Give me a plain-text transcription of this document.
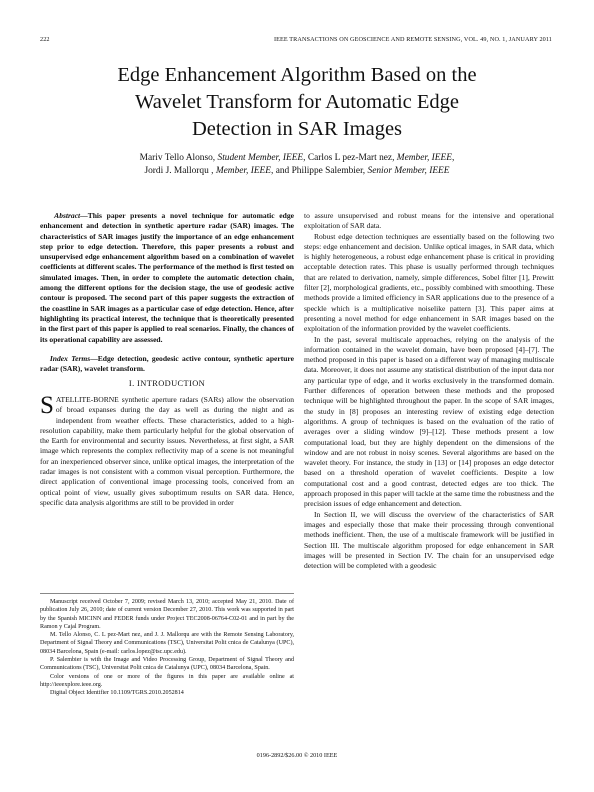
222	IEEE TRANSACTIONS ON GEOSCIENCE AND REMOTE SENSING, VOL. 49, NO. 1, JANUARY 2011
Edge Enhancement Algorithm Based on the
Wavelet Transform for Automatic Edge
Detection in SAR Images
Mariv Tello Alonso, Student Member, IEEE, Carlos L pez-Mart nez, Member, IEEE,
Jordi J. Mallorqu , Member, IEEE, and Philippe Salembier, Senior Member, IEEE

Abstract—This paper presents a novel technique for automatic edge enhancement and detection in synthetic aperture radar (SAR) images. The characteristics of SAR images justify the importance of an edge enhancement step prior to edge detection. Therefore, this paper presents a robust and unsupervised edge enhancement algorithm based on a combination of wavelet coefficients at different scales. The performance of the method is first tested on simulated images. Then, in order to complete the automatic detection chain, among the different options for the decision stage, the use of geodesic active contour is proposed. The second part of this paper suggests the extraction of the coastline in SAR images as a particular case of edge detection. Hence, after highlighting its practical interest, the technique that is theoretically presented in the first part of this paper is applied to real scenarios. Finally, the chances of its operational capability are assessed.

Index Terms—Edge detection, geodesic active contour, synthetic aperture radar (SAR), wavelet transform.

I. INTRODUCTION

SATELLITE-BORNE synthetic aperture radars (SARs) allow the observation of broad expanses during the day as well as during the night and as independent from weather effects. These characteristics, added to a high-resolution capability, make them particularly helpful for the global observation of the Earth for environmental and security issues. Nevertheless, at first sight, a SAR image which represents the complex reflectivity map of a scene is not meaningful for an inexperienced observer since, unlike optical images, the interpretation of the radar images is not consistent with a common visual perception. Furthermore, the direct application of conventional image processing tools, conceived from an optical point of view, usually gives suboptimum results on SAR data. Hence, specific data analysis algorithms are still to be provided in order

Manuscript received October 7, 2009; revised March 13, 2010; accepted May 21, 2010. Date of publication July 26, 2010; date of current version December 27, 2010. This work was supported in part by the Spanish MICINN and FEDER funds under Project TEC2008-06764-C02-01 and in part by the Ramon y Cajal Program.

M. Tello Alonso, C. L pez-Mart nez, and J. J. Mallorqu are with the Remote Sensing Laboratory, Department of Signal Theory and Communications (TSC), Universitat Polit cnica de Catalunya (UPC), 08034 Barcelona, Spain (e-mail: carlos.lopez@tsc.upc.edu).

P. Salembier is with the Image and Video Processing Group, Department of Signal Theory and Communications (TSC), Universitat Polit cnica de Catalunya (UPC), 08034 Barcelona, Spain.

Color versions of one or more of the figures in this paper are available online at http://ieeexplore.ieee.org.

Digital Object Identifier 10.1109/TGRS.2010.2052814

to assure unsupervised and robust means for the intensive and operational exploitation of SAR data.

Robust edge detection techniques are essentially based on the following two steps: edge enhancement and decision. Unlike optical images, in SAR data, which is highly heterogeneous, a robust edge enhancement phase is critical in providing acceptable detection rates. This phase is usually performed through techniques that are related to derivation, namely, simple differences, Sobel filter [1], Prewitt filter [2], morphological gradients, etc., possibly combined with smoothing. These methods provide a limited efficiency in SAR applications due to the presence of a speckle which is a multiplicative noiselike pattern [3]. This paper aims at presenting a novel method for edge enhancement in SAR images based on the exploitation of the information provided by the wavelet coefficients.

In the past, several multiscale approaches, relying on the analysis of the information contained in the wavelet domain, have been proposed [4]–[7]. The method proposed in this paper is based on a different way of managing multiscale data. Moreover, it does not assume any statistical distribution of the input data nor any particular type of edge, and it works exclusively in the transformed domain. Further differences of operation between these methods and the proposed technique will be highlighted throughout the paper. In the scope of SAR images, the study in [8] proposes an interesting review of existing edge detection algorithms. A group of techniques is based on the evaluation of the ratio of averages over a sliding window [9]–[12]. These methods present a low computational load, but they are highly dependent on the dimensions of the window and are not robust in noisy scenes. Several algorithms are based on the wavelet theory. For instance, the study in [13] or [14] proposes an edge detector based on a threshold operation of wavelet coefficients. Despite a low computational cost and a good contrast, detected edges are too thick. The approach proposed in this paper will tackle at the same time the robustness and the precision issues of edge enhancement and detection.

In Section II, we will discuss the overview of the characteristics of SAR images and especially those that make their processing through conventional methods inefficient. Then, the use of a multiscale framework will be justified in Section III. The multiscale algorithm proposed for edge enhancement in SAR images will be presented in Section IV. The chain for an unsupervised edge detection will be completed with a geodesic

0196-2892/$26.00 © 2010 IEEE
